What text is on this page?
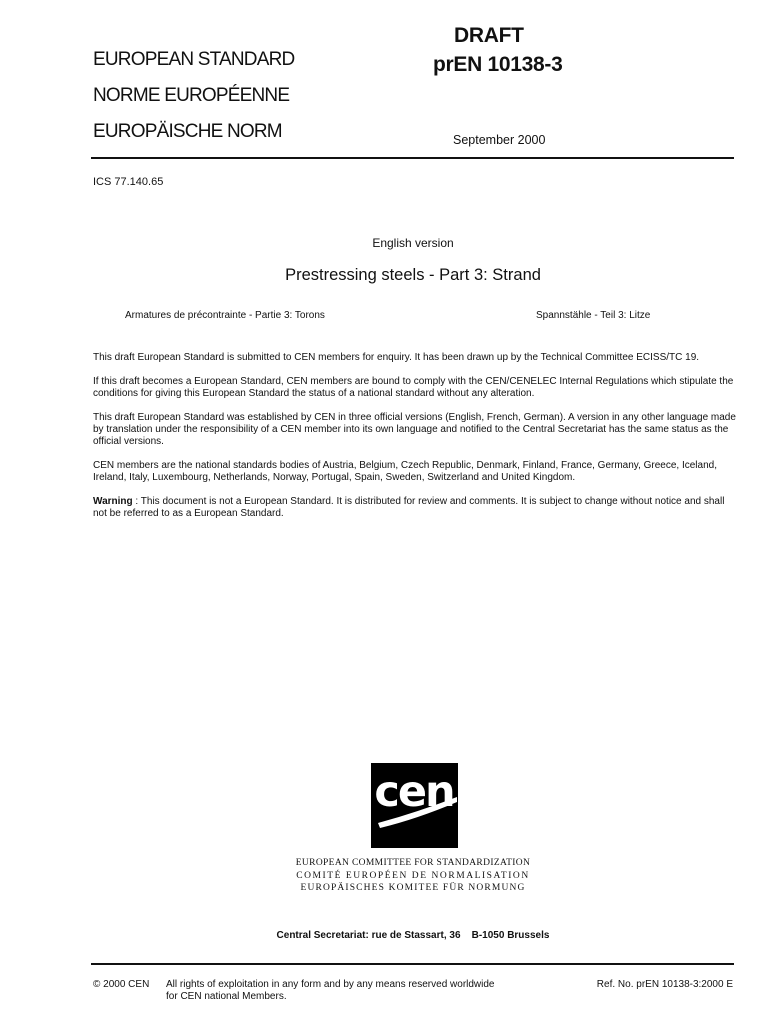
EUROPEAN STANDARD
NORME EUROPÉENNE
EUROPÄISCHE NORM
DRAFT
prEN 10138-3
September 2000
ICS 77.140.65
English version
Prestressing steels - Part 3: Strand
Armatures de précontrainte - Partie 3: Torons	Spannstähle - Teil 3: Litze

This draft European Standard is submitted to CEN members for enquiry. It has been drawn up by the Technical Committee ECISS/TC 19.

If this draft becomes a European Standard, CEN members are bound to comply with the CEN/CENELEC Internal Regulations which stipulate the conditions for giving this European Standard the status of a national standard without any alteration.

This draft European Standard was established by CEN in three official versions (English, French, German). A version in any other language made by translation under the responsibility of a CEN member into its own language and notified to the Central Secretariat has the same status as the official versions.

CEN members are the national standards bodies of Austria, Belgium, Czech Republic, Denmark, Finland, France, Germany, Greece, Iceland, Ireland, Italy, Luxembourg, Netherlands, Norway, Portugal, Spain, Sweden, Switzerland and United Kingdom.

Warning : This document is not a European Standard. It is distributed for review and comments. It is subject to change without notice and shall not be referred to as a European Standard.

cen
EUROPEAN COMMITTEE FOR STANDARDIZATION
COMITÉ EUROPÉEN DE NORMALISATION
EUROPÄISCHES KOMITEE FÜR NORMUNG
Central Secretariat: rue de Stassart, 36    B-1050 Brussels
© 2000 CEN All rights of exploitation in any form and by any means reserved worldwide for CEN national Members.
Ref. No. prEN 10138-3:2000 E
